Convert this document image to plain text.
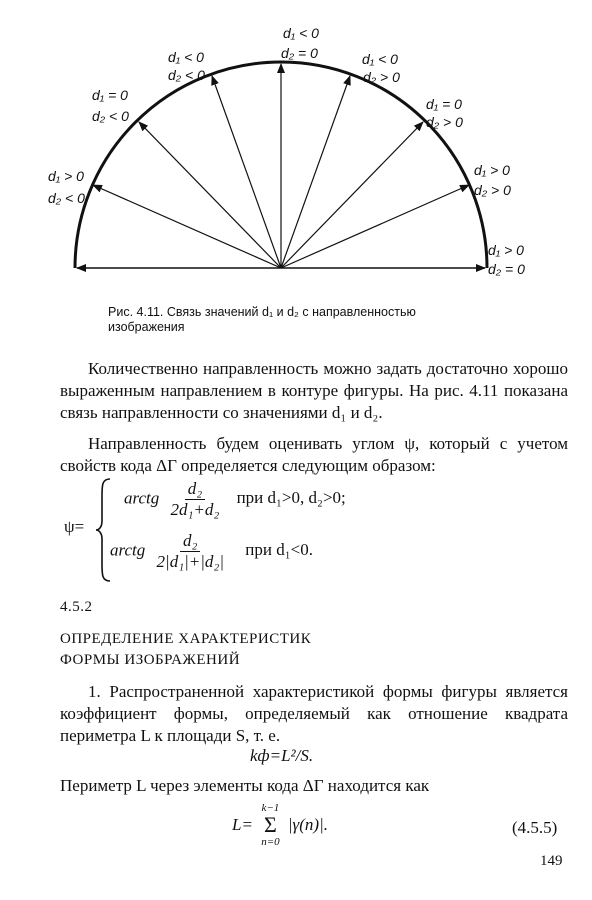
d₁ < 0
d₂ = 0	d₁ < 0
d₂ > 0
d₁ < 0
d₂ < 0
d₁ = 0
d₂ > 0
d₁ = 0
d₂ < 0
d₁ > 0
d₂ > 0
d₁ > 0
d₂ < 0
d₁ > 0
d₂ = 0
Рис. 4.11. Связь значений d₁ и d₂ с направленностью
изображения
Количественно направленность можно задать достаточно хорошо выраженным направлением в контуре фигуры. На рис. 4.11 показана связь направленности со значениями d₁ и d₂.
Направленность будем оценивать углом ψ, который с учетом свойств кода ΔΓ определяется следующим образом:
ψ=
arctg $\frac{\text{d₂}}{\text{2d₁+d₂}}$ при d₁>0, d₂>0;
arctg $\frac{\text{d₂}}{\text{2|d₁|+|d₂|}}$ при d₁<0.
4.5.2
ОПРЕДЕЛЕНИЕ ХАРАКТЕРИСТИК
ФОРМЫ ИЗОБРАЖЕНИЙ
1. Распространенной характеристикой формы фигуры является коэффициент формы, определяемый как отношение квадрата периметра L к площади S, т. е.
kф=L²/S.
Периметр L через элементы кода ΔΓ находится как
L=
k−1
Σ
n=0
|γ(n)|.	(4.5.5)
149
